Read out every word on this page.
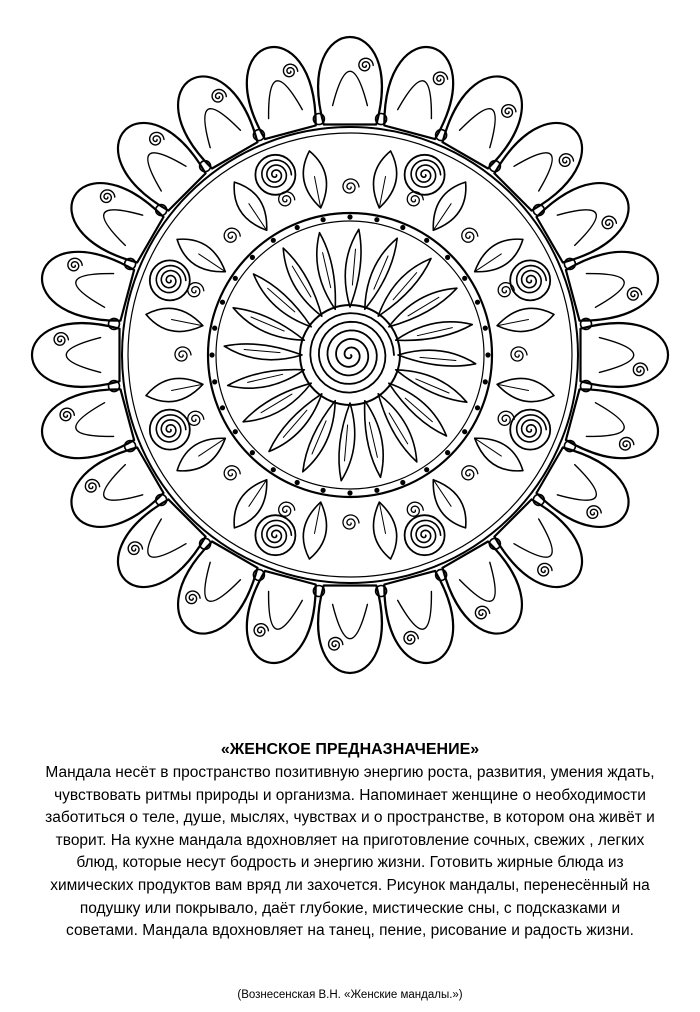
«ЖЕНСКОЕ ПРЕДНАЗНАЧЕНИЕ»
Мандала несёт в пространство позитивную энергию роста, развития, умения ждать,
чувствовать ритмы природы и организма. Напоминает женщине о необходимости
заботиться о теле, душе, мыслях, чувствах и о пространстве, в котором она живёт и
творит. На кухне мандала вдохновляет на приготовление сочных, свежих , легких
блюд, которые несут бодрость и энергию жизни. Готовить жирные блюда из
химических продуктов вам вряд ли захочется. Рисунок мандалы, перенесённый на
подушку или покрывало, даёт глубокие, мистические сны, с подсказками и
советами. Мандала вдохновляет на танец, пение, рисование и радость жизни.
(Вознесенская В.Н. «Женские мандалы.»)
